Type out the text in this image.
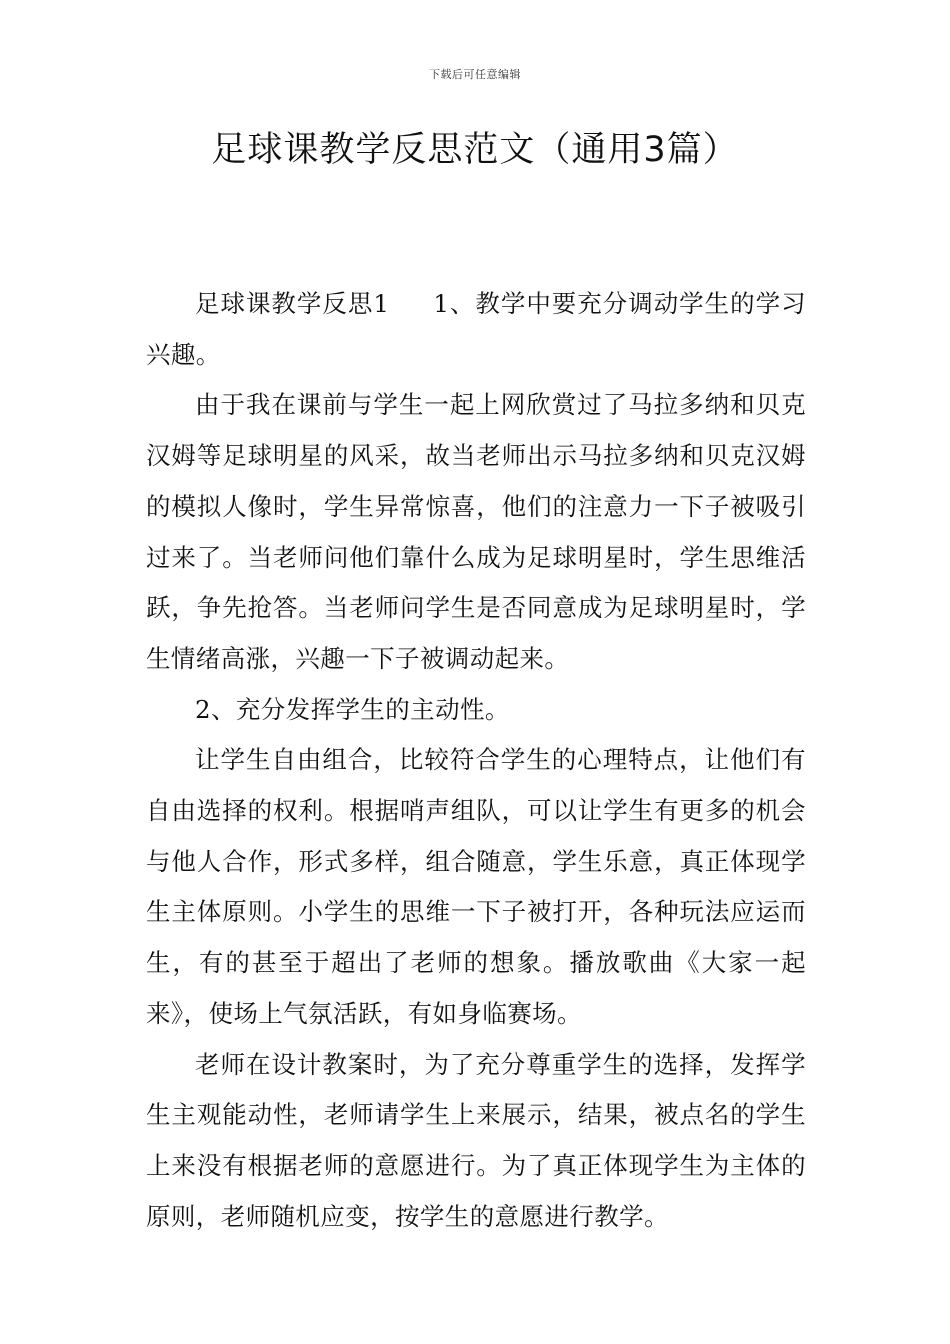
下载后可任意编辑
足球课教学反思范文（通用3篇）

足球课教学反思1 1、教学中要充分调动学生的学习兴趣。

由于我在课前与学生一起上网欣赏过了马拉多纳和贝克汉姆等足球明星的风采，故当老师出示马拉多纳和贝克汉姆的模拟人像时，学生异常惊喜，他们的注意力一下子被吸引过来了。当老师问他们靠什么成为足球明星时，学生思维活跃，争先抢答。当老师问学生是否同意成为足球明星时，学生情绪高涨，兴趣一下子被调动起来。

2、充分发挥学生的主动性。

让学生自由组合，比较符合学生的心理特点，让他们有自由选择的权利。根据哨声组队，可以让学生有更多的机会与他人合作，形式多样，组合随意，学生乐意，真正体现学生主体原则。小学生的思维一下子被打开，各种玩法应运而生，有的甚至于超出了老师的想象。播放歌曲《大家一起来》，使场上气氛活跃，有如身临赛场。

老师在设计教案时，为了充分尊重学生的选择，发挥学生主观能动性，老师请学生上来展示，结果，被点名的学生上来没有根据老师的意愿进行。为了真正体现学生为主体的原则，老师随机应变，按学生的意愿进行教学。
